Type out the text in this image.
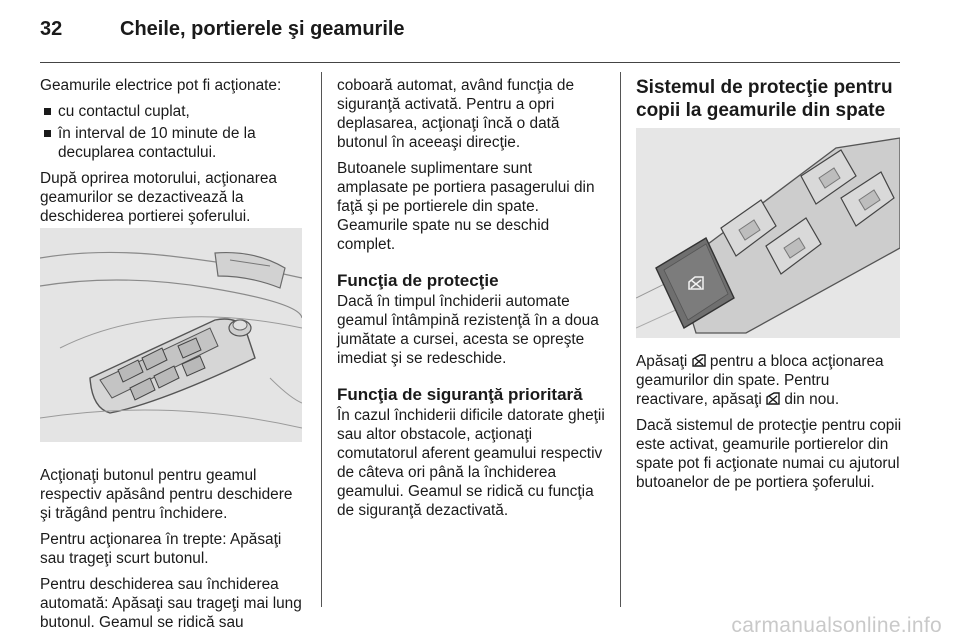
32	Cheile, portierele şi geamurile

Geamurile electrice pot fi acţionate:

cu contactul cuplat,
în interval de 10 minute de la decuplarea contactului.

După oprirea motorului, acţionarea geamurilor se dezactivează la deschiderea portierei şoferului.

Acţionaţi butonul pentru geamul respectiv apăsând pentru deschidere şi trăgând pentru închidere.

Pentru acţionarea în trepte: Apăsaţi sau trageţi scurt butonul.

Pentru deschiderea sau închiderea automată: Apăsaţi sau trageţi mai lung butonul. Geamul se ridică sau

coboară automat, având funcţia de siguranţă activată. Pentru a opri deplasarea, acţionaţi încă o dată butonul în aceeaşi direcţie.

Butoanele suplimentare sunt amplasate pe portiera pasagerului din faţă şi pe portierele din spate. Geamurile spate nu se deschid complet.

Funcţia de protecţie

Dacă în timpul închiderii automate geamul întâmpină rezistenţă în a doua jumătate a cursei, acesta se opreşte imediat şi se redeschide.

Funcţia de siguranţă prioritară

În cazul închiderii dificile datorate gheţii sau altor obstacole, acţionaţi comutatorul aferent geamului respectiv de câteva ori până la închiderea geamului. Geamul se ridică cu funcţia de siguranţă dezactivată.

Sistemul de protecţie pentru copii la geamurile din spate

Apăsaţi pentru a bloca acţionarea geamurilor din spate. Pentru reactivare, apăsaţi din nou.

Dacă sistemul de protecţie pentru copii este activat, geamurile portierelor din spate pot fi acţionate numai cu ajutorul butoanelor de pe portiera şoferului.

carmanualsonline.info
